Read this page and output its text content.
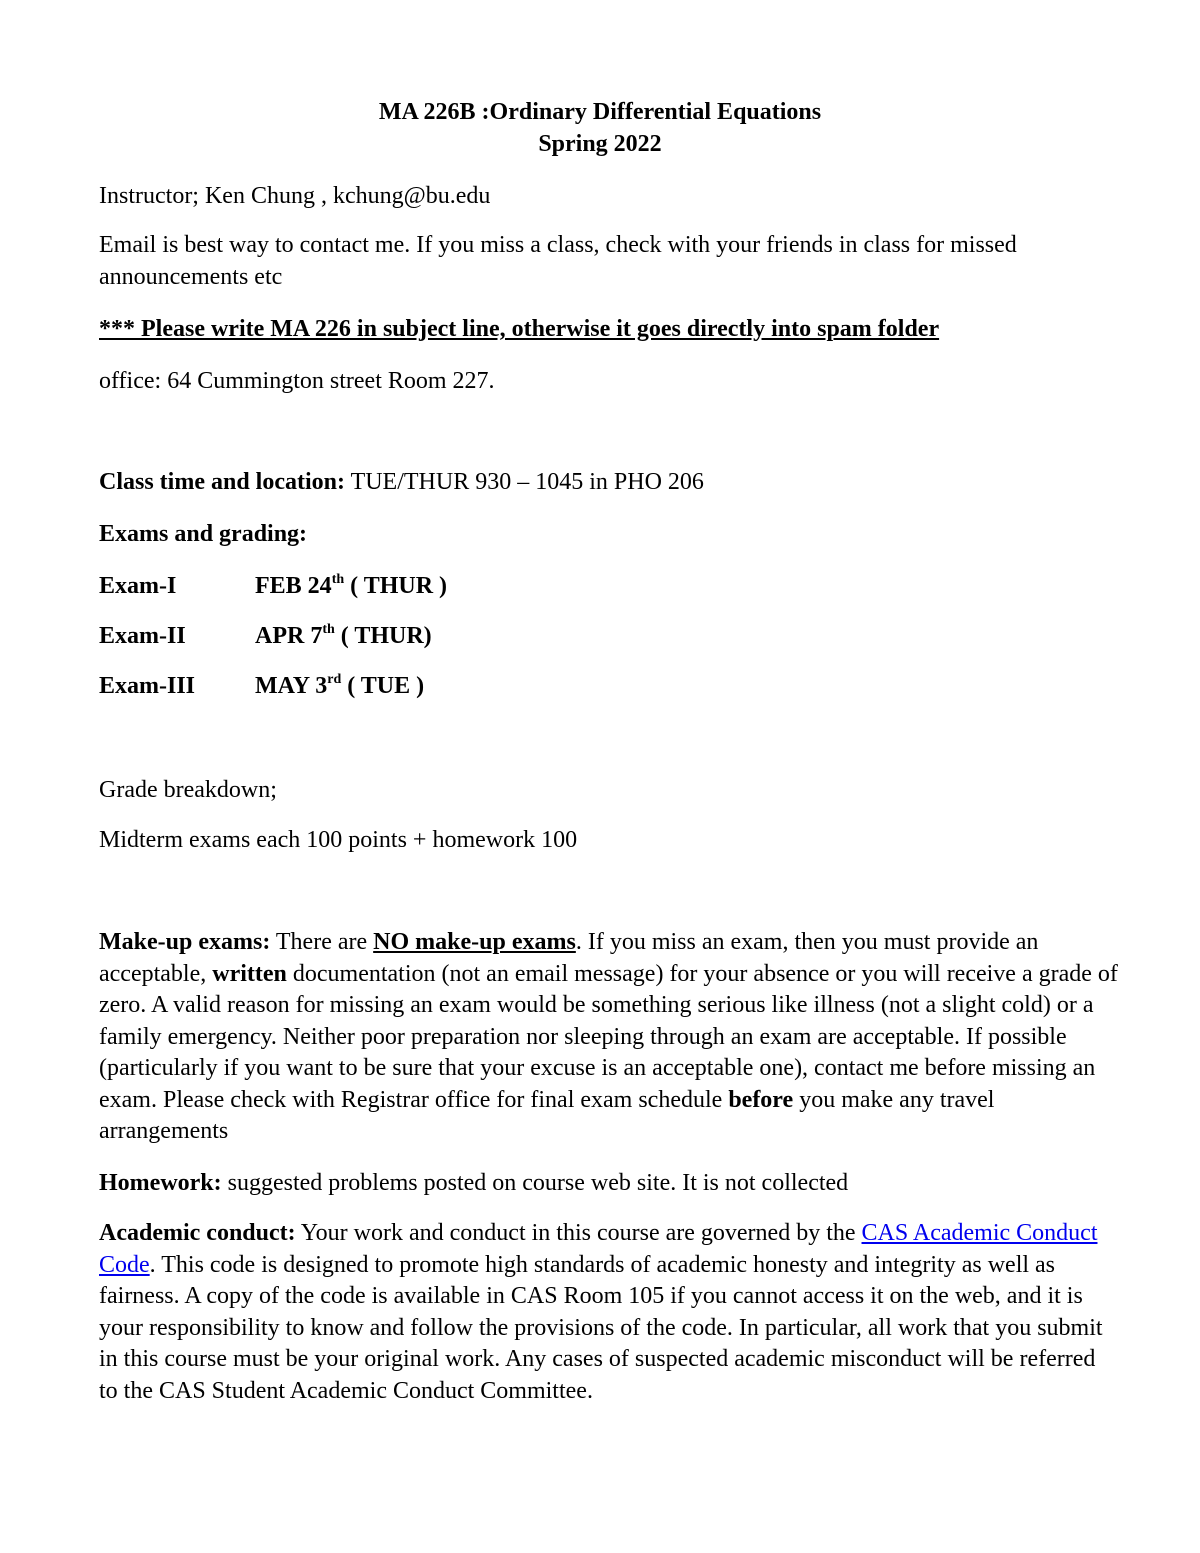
MA 226B :Ordinary Differential Equations
Spring 2022
Instructor; Ken Chung , kchung@bu.edu
Email is best way to contact me. If you miss a class, check with your friends in class for missed announcements etc
*** Please write MA 226 in subject line, otherwise it goes directly into spam folder
office: 64 Cummington street Room 227.
Class time and location: TUE/THUR 930 – 1045 in PHO 206
Exams and grading:
Exam-I	FEB 24th ( THUR )
Exam-II	APR 7th ( THUR)
Exam-III MAY 3rd ( TUE )
Grade breakdown;
Midterm exams each 100 points + homework 100
Make-up exams: There are NO make-up exams. If you miss an exam, then you must provide an acceptable, written documentation (not an email message) for your absence or you will receive a grade of zero. A valid reason for missing an exam would be something serious like illness (not a slight cold) or a family emergency. Neither poor preparation nor sleeping through an exam are acceptable. If possible (particularly if you want to be sure that your excuse is an acceptable one), contact me before missing an exam. Please check with Registrar office for final exam schedule before you make any travel arrangements
Homework: suggested problems posted on course web site. It is not collected
Academic conduct: Your work and conduct in this course are governed by the CAS Academic Conduct Code. This code is designed to promote high standards of academic honesty and integrity as well as fairness. A copy of the code is available in CAS Room 105 if you cannot access it on the web, and it is your responsibility to know and follow the provisions of the code. In particular, all work that you submit in this course must be your original work. Any cases of suspected academic misconduct will be referred to the CAS Student Academic Conduct Committee.
